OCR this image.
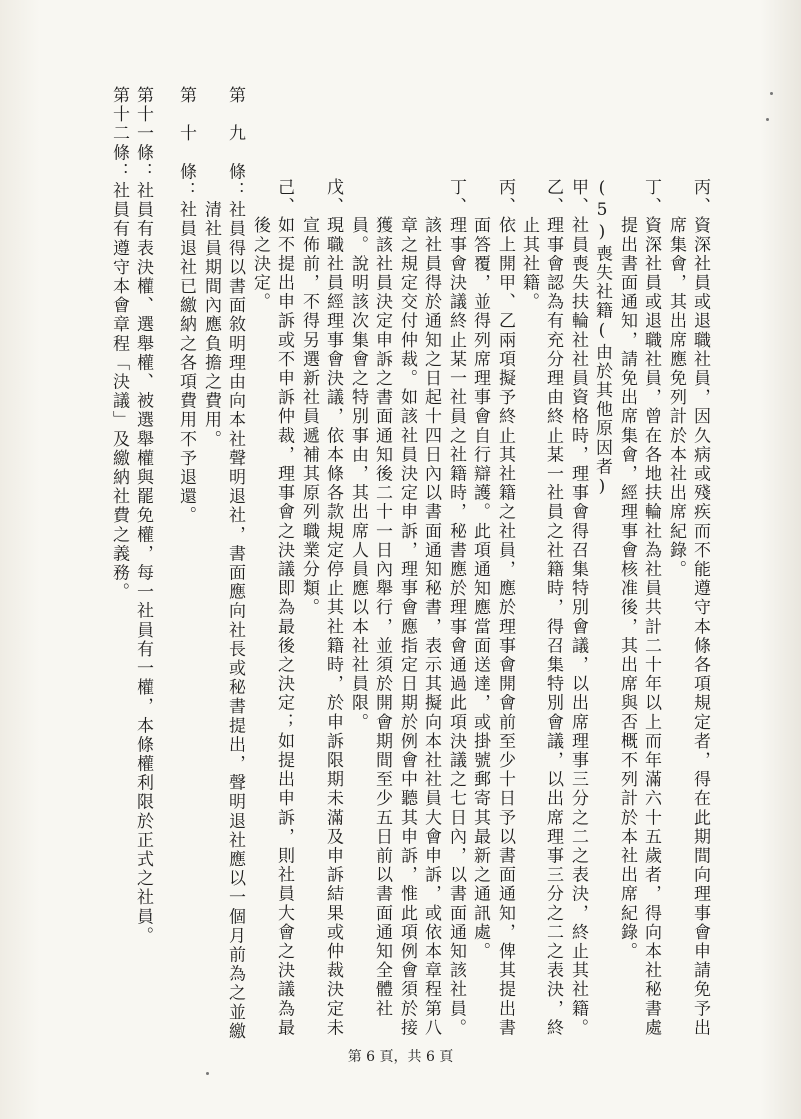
丙、資深社員或退職社員，因久病或殘疾而不能遵守本條各項規定者，得在此期間向理事會申請免予出
　　席集會，其出席應免列計於本社出席紀錄。
丁、資深社員或退職社員，曾在各地扶輪社為社員共計二十年以上而年滿六十五歲者，得向本社秘書處
　　提出書面通知，請免出席集會，經理事會核准後，其出席與否概不列計於本社出席紀錄。
(5)喪失社籍(由於其他原因者)
甲、社員喪失扶輪社社員資格時，理事會得召集特別會議，以出席理事三分之二之表決，終止其社籍。
乙、理事會認為有充分理由終止某一社員之社籍時，得召集特別會議，以出席理事三分之二之表決，終
　　止其社籍。
丙、依上開甲、乙兩項擬予終止其社籍之社員，應於理事會開會前至少十日予以書面通知，俾其提出書
　　面答覆，並得列席理事會自行辯護。此項通知應當面送達，或掛號郵寄其最新之通訊處。
丁、理事會決議終止某一社員之社籍時，秘書應於理事會通過此項決議之七日內，以書面通知該社員。
　　該社員得於通知之日起十四日內以書面通知秘書，表示其擬向本社社員大會申訴，或依本章程第八
　　章之規定交付仲裁。如該社員決定申訴，理事會應指定日期於例會中聽其申訴，惟此項例會須於接
　　獲該社員決定申訴之書面通知後二十一日內舉行，並須於開會期間至少五日前以書面通知全體社
　　員。說明該次集會之特別事由，其出席人員應以本社社員限。
戊、現職社員經理事會決議，依本條各款規定停止其社籍時，於申訴限期未滿及申訴結果或仲裁決定未
　　宣佈前，不得另選新社員遞補其原列職業分類。
己、如不提出申訴或不申訴仲裁，理事會之決議即為最後之決定；如提出申訴，則社員大會之決議為最
　　後之決定。
第　九　條：社員得以書面敘明理由向本社聲明退社，書面應向社長或秘書提出，聲明退社應以一個月前為之並繳
　　　　　　清社員期間內應負擔之費用。
第　十　條：社員退社已繳納之各項費用不予退還。
第十一條：社員有表決權、選舉權、被選舉權與罷免權，每一社員有一權，本條權利限於正式之社員。
第十二條：社員有遵守本會章程「決議」及繳納社費之義務。
第 6 頁，共 6 頁
